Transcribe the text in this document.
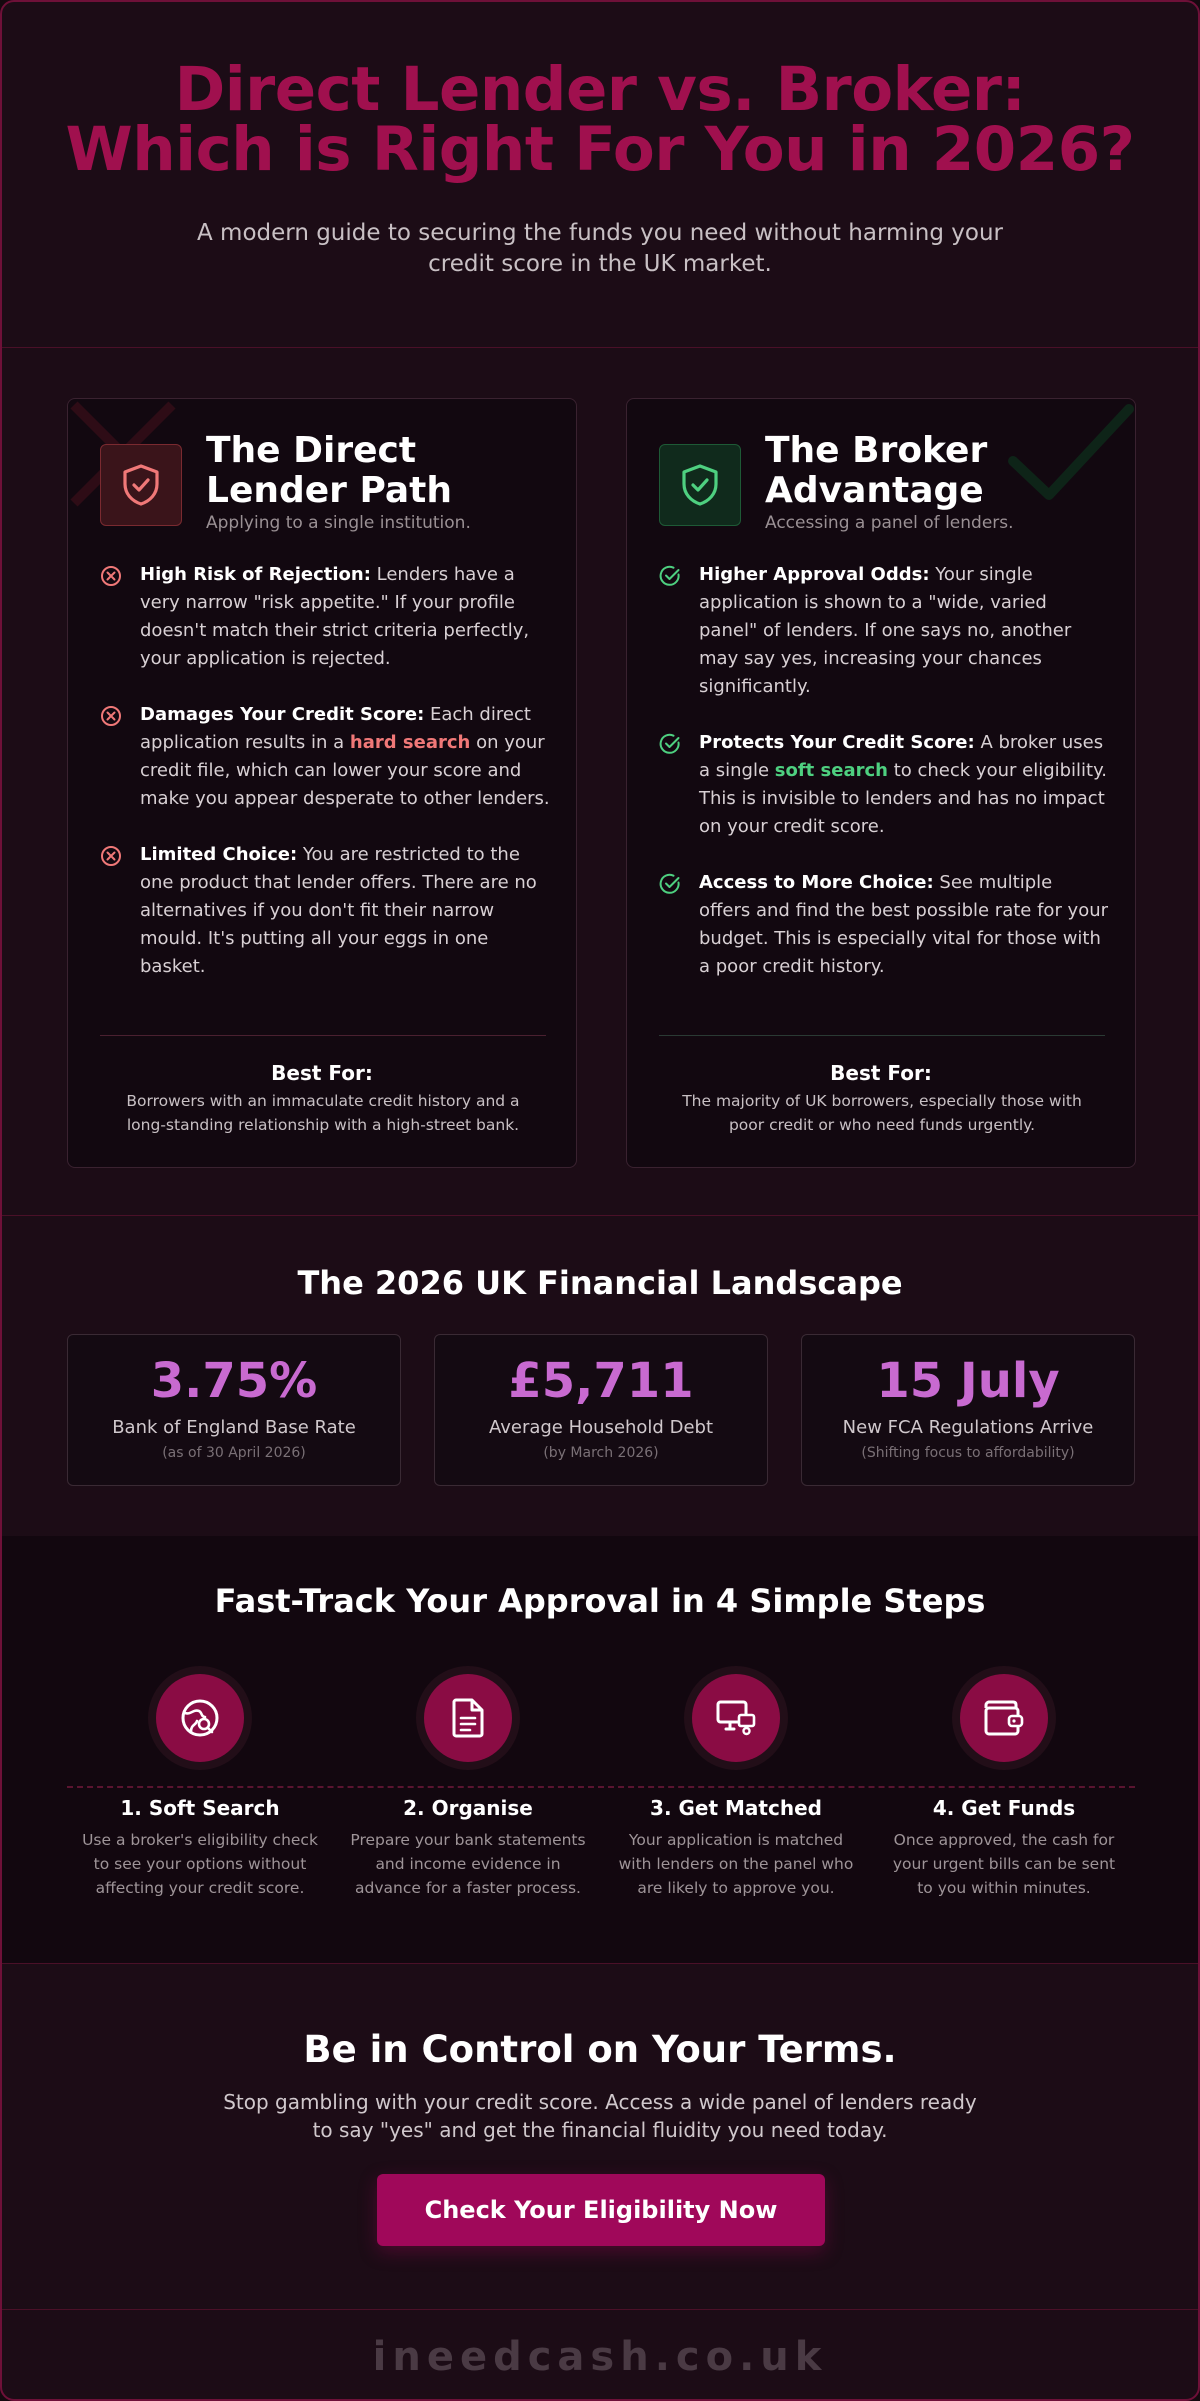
Direct Lender vs. Broker: Which is Right For You in 2026?

A modern guide to securing the funds you need without harming your credit score in the UK market.

The Direct Lender Path

Applying to a single institution.

High Risk of Rejection: Lenders have a very narrow "risk appetite." If your profile doesn't match their strict criteria perfectly, your application is rejected.
Damages Your Credit Score: Each direct application results in a hard search on your credit file, which can lower your score and make you appear desperate to other lenders.
Limited Choice: You are restricted to the one product that lender offers. There are no alternatives if you don't fit their narrow mould. It's putting all your eggs in one basket.
Best For:
Borrowers with an immaculate credit history and a long-standing relationship with a high-street bank.
The Broker Advantage

Accessing a panel of lenders.

Higher Approval Odds: Your single application is shown to a "wide, varied panel" of lenders. If one says no, another may say yes, increasing your chances significantly.
Protects Your Credit Score: A broker uses a single soft search to check your eligibility. This is invisible to lenders and has no impact on your credit score.
Access to More Choice: See multiple offers and find the best possible rate for your budget. This is especially vital for those with a poor credit history.
Best For:
The majority of UK borrowers, especially those with poor credit or who need funds urgently.
The 2026 UK Financial Landscape
3.75%
Bank of England Base Rate
(as of 30 April 2026)
£5,711
Average Household Debt
(by March 2026)
15 July
New FCA Regulations Arrive
(Shifting focus to affordability)
Fast-Track Your Approval in 4 Simple Steps
1. Soft Search
Use a broker's eligibility check to see your options without affecting your credit score.
2. Organise
Prepare your bank statements and income evidence in advance for a faster process.
3. Get Matched
Your application is matched with lenders on the panel who are likely to approve you.
4. Get Funds
Once approved, the cash for your urgent bills can be sent to you within minutes.
Be in Control on Your Terms.

Stop gambling with your credit score. Access a wide panel of lenders ready to say "yes" and get the financial fluidity you need today.

Check Your Eligibility Now
ineedcash.co.uk
